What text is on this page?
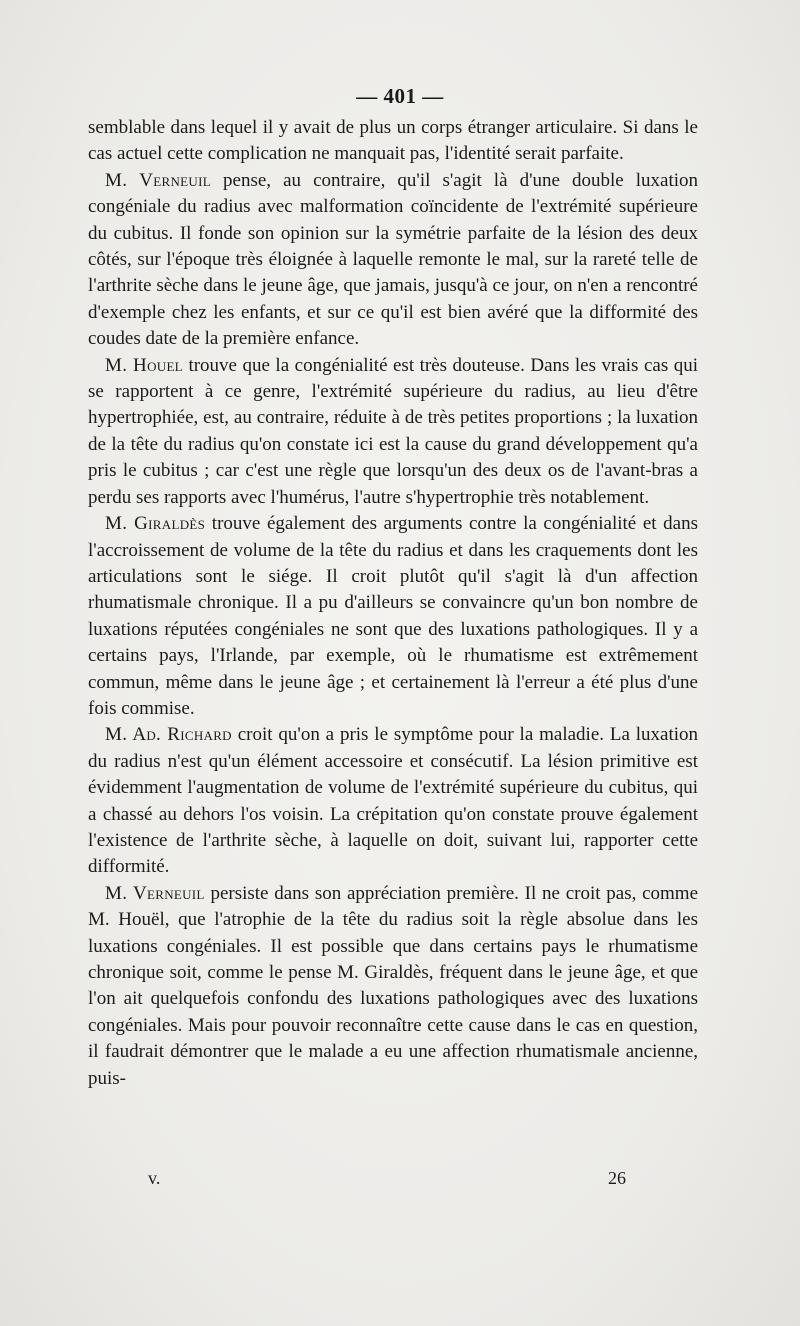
— 401 —

semblable dans lequel il y avait de plus un corps étranger articulaire. Si dans le cas actuel cette complication ne manquait pas, l'identité serait parfaite.

M. Verneuil pense, au contraire, qu'il s'agit là d'une double luxation congéniale du radius avec malformation coïncidente de l'extrémité supérieure du cubitus. Il fonde son opinion sur la symétrie parfaite de la lésion des deux côtés, sur l'époque très éloignée à laquelle remonte le mal, sur la rareté telle de l'arthrite sèche dans le jeune âge, que jamais, jusqu'à ce jour, on n'en a rencontré d'exemple chez les enfants, et sur ce qu'il est bien avéré que la difformité des coudes date de la première enfance.

M. Houel trouve que la congénialité est très douteuse. Dans les vrais cas qui se rapportent à ce genre, l'extrémité supérieure du radius, au lieu d'être hypertrophiée, est, au contraire, réduite à de très petites proportions ; la luxation de la tête du radius qu'on constate ici est la cause du grand développement qu'a pris le cubitus ; car c'est une règle que lorsqu'un des deux os de l'avant-bras a perdu ses rapports avec l'humérus, l'autre s'hypertrophie très notablement.

M. Giraldès trouve également des arguments contre la congénialité et dans l'accroissement de volume de la tête du radius et dans les craquements dont les articulations sont le siége. Il croit plutôt qu'il s'agit là d'un affection rhumatismale chronique. Il a pu d'ailleurs se convaincre qu'un bon nombre de luxations réputées congéniales ne sont que des luxations pathologiques. Il y a certains pays, l'Irlande, par exemple, où le rhumatisme est extrêmement commun, même dans le jeune âge ; et certainement là l'erreur a été plus d'une fois commise.

M. Ad. Richard croit qu'on a pris le symptôme pour la maladie. La luxation du radius n'est qu'un élément accessoire et consécutif. La lésion primitive est évidemment l'augmentation de volume de l'extrémité supérieure du cubitus, qui a chassé au dehors l'os voisin. La crépitation qu'on constate prouve également l'existence de l'arthrite sèche, à laquelle on doit, suivant lui, rapporter cette difformité.

M. Verneuil persiste dans son appréciation première. Il ne croit pas, comme M. Houël, que l'atrophie de la tête du radius soit la règle absolue dans les luxations congéniales. Il est possible que dans certains pays le rhumatisme chronique soit, comme le pense M. Giraldès, fréquent dans le jeune âge, et que l'on ait quelquefois confondu des luxations pathologiques avec des luxations congéniales. Mais pour pouvoir reconnaître cette cause dans le cas en question, il faudrait démontrer que le malade a eu une affection rhumatismale ancienne, puis-

v.	26
